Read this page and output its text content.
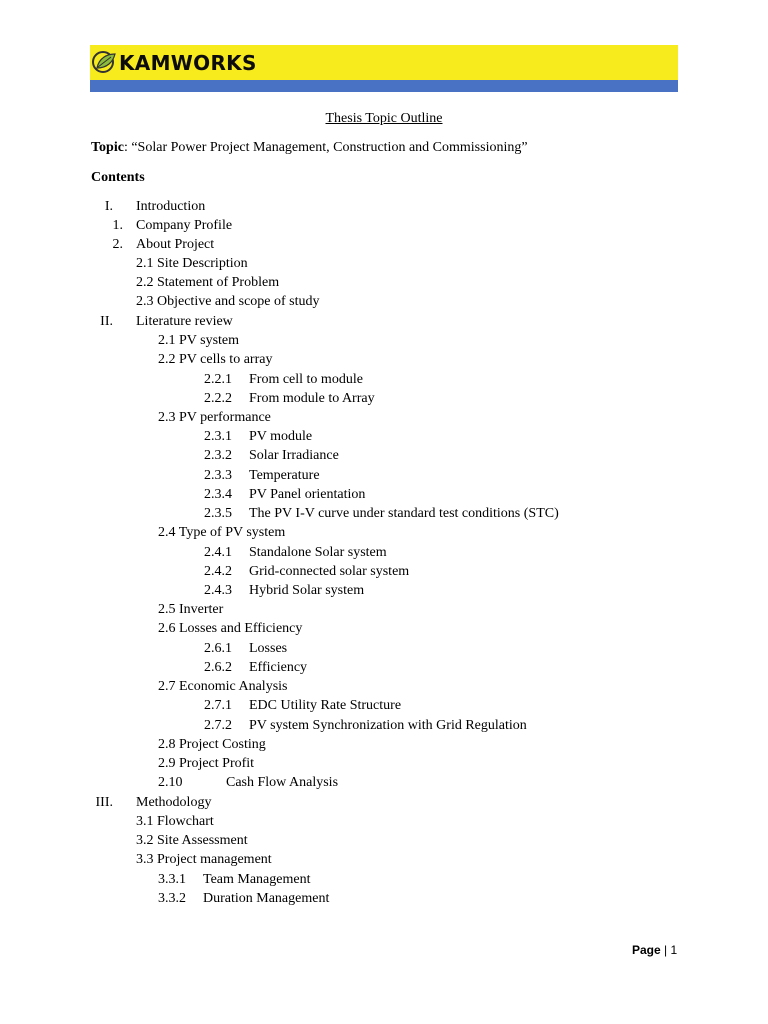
KAMWORKS
Thesis Topic Outline
Topic: “Solar Power Project Management, Construction and Commissioning”
Contents
I. Introduction
1. Company Profile
2. About Project
2.1 Site Description
2.2 Statement of Problem
2.3 Objective and scope of study
II. Literature review
2.1 PV system
2.2 PV cells to array
2.2.1 From cell to module
2.2.2 From module to Array
2.3 PV performance
2.3.1 PV module
2.3.2 Solar Irradiance
2.3.3 Temperature
2.3.4 PV Panel orientation
2.3.5 The PV I-V curve under standard test conditions (STC)
2.4 Type of PV system
2.4.1 Standalone Solar system
2.4.2 Grid-connected solar system
2.4.3 Hybrid Solar system
2.5 Inverter
2.6 Losses and Efficiency
2.6.1 Losses
2.6.2 Efficiency
2.7 Economic Analysis
2.7.1 EDC Utility Rate Structure
2.7.2 PV system Synchronization with Grid Regulation
2.8 Project Costing
2.9 Project Profit
2.10	Cash Flow Analysis
III. Methodology
3.1 Flowchart
3.2 Site Assessment
3.3 Project management
3.3.1 Team Management
3.3.2 Duration Management
Page | 1
